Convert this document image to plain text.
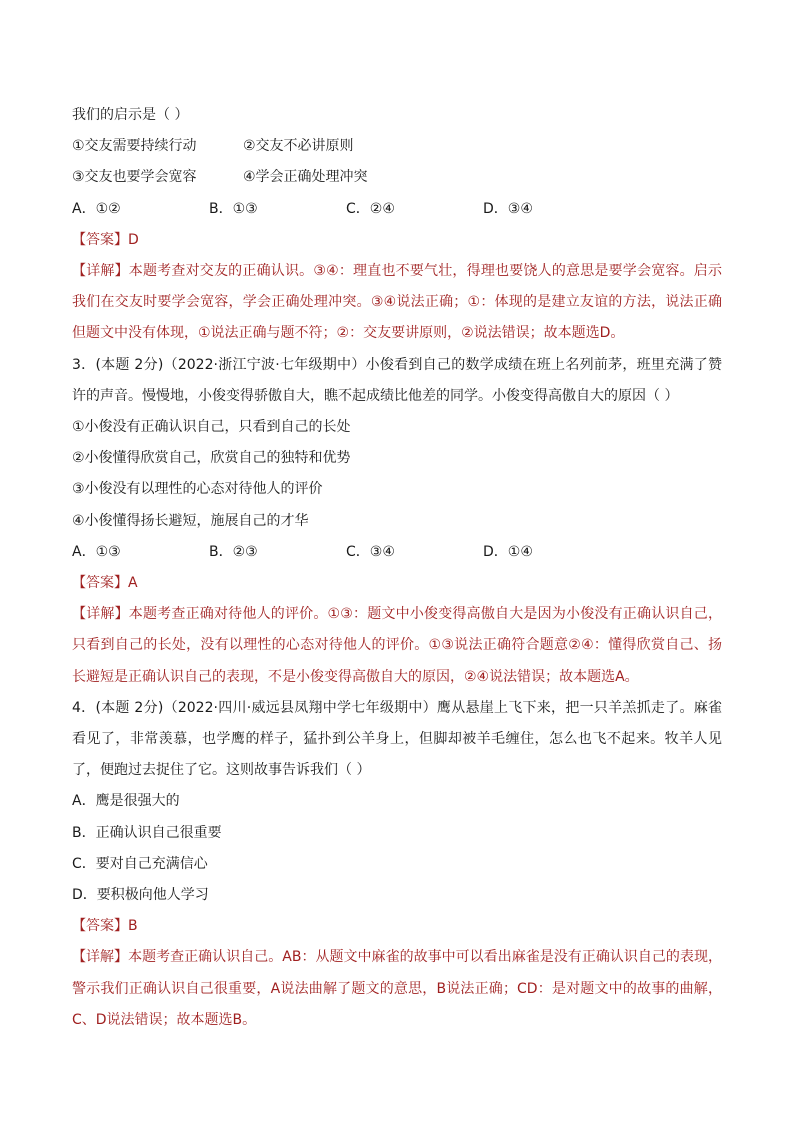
我们的启示是（ ）
①交友需要持续行动	②交友不必讲原则
③交友也要学会宽容	④学会正确处理冲突
A．①②	B．①③	C．②④	D．③④
【答案】D
【详解】本题考查对交友的正确认识。③④：理直也不要气壮，得理也要饶人的意思是要学会宽容。启示我们在交友时要学会宽容，学会正确处理冲突。③④说法正确；①：体现的是建立友谊的方法，说法正确但题文中没有体现，①说法正确与题不符；②：交友要讲原则，②说法错误；故本题选D。
3．(本题 2分)（2022·浙江宁波·七年级期中）小俊看到自己的数学成绩在班上名列前茅，班里充满了赞许的声音。慢慢地，小俊变得骄傲自大，瞧不起成绩比他差的同学。小俊变得高傲自大的原因（ ）
①小俊没有正确认识自己，只看到自己的长处
②小俊懂得欣赏自己，欣赏自己的独特和优势
③小俊没有以理性的心态对待他人的评价
④小俊懂得扬长避短，施展自己的才华
A．①③	B．②③	C．③④	D．①④
【答案】A
【详解】本题考查正确对待他人的评价。①③：题文中小俊变得高傲自大是因为小俊没有正确认识自己，只看到自己的长处，没有以理性的心态对待他人的评价。①③说法正确符合题意②④：懂得欣赏自己、扬长避短是正确认识自己的表现，不是小俊变得高傲自大的原因，②④说法错误；故本题选A。
4．(本题 2分)（2022·四川·威远县凤翔中学七年级期中）鹰从悬崖上飞下来，把一只羊羔抓走了。麻雀看见了，非常羡慕，也学鹰的样子，猛扑到公羊身上，但脚却被羊毛缠住，怎么也飞不起来。牧羊人见了，便跑过去捉住了它。这则故事告诉我们（ ）
A．鹰是很强大的
B．正确认识自己很重要
C．要对自己充满信心
D．要积极向他人学习
【答案】B
【详解】本题考查正确认识自己。AB：从题文中麻雀的故事中可以看出麻雀是没有正确认识自己的表现，警示我们正确认识自己很重要，A说法曲解了题文的意思，B说法正确；CD：是对题文中的故事的曲解，C、D说法错误；故本题选B。
